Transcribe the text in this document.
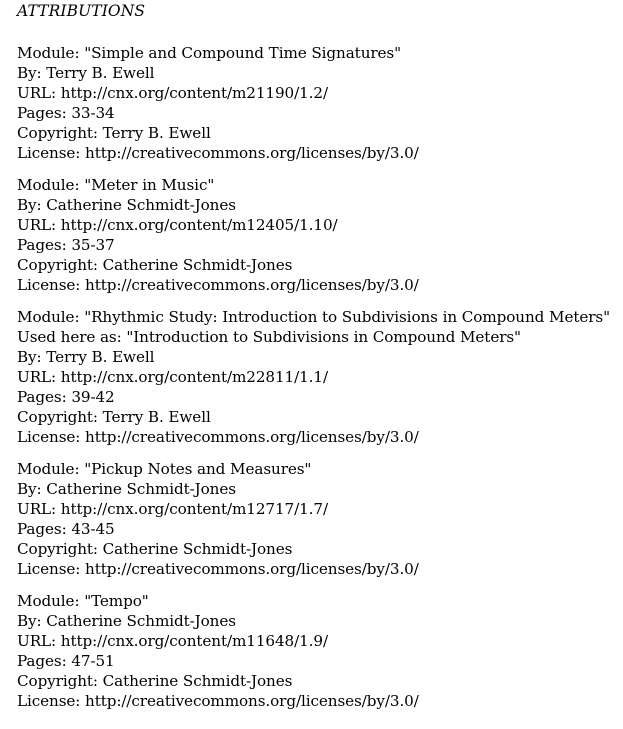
ATTRIBUTIONS
Module: "Simple and Compound Time Signatures"
By: Terry B. Ewell
URL: http://cnx.org/content/m21190/1.2/
Pages: 33-34
Copyright: Terry B. Ewell
License: http://creativecommons.org/licenses/by/3.0/
Module: "Meter in Music"
By: Catherine Schmidt-Jones
URL: http://cnx.org/content/m12405/1.10/
Pages: 35-37
Copyright: Catherine Schmidt-Jones
License: http://creativecommons.org/licenses/by/3.0/
Module: "Rhythmic Study: Introduction to Subdivisions in Compound Meters"
Used here as: "Introduction to Subdivisions in Compound Meters"
By: Terry B. Ewell
URL: http://cnx.org/content/m22811/1.1/
Pages: 39-42
Copyright: Terry B. Ewell
License: http://creativecommons.org/licenses/by/3.0/
Module: "Pickup Notes and Measures"
By: Catherine Schmidt-Jones
URL: http://cnx.org/content/m12717/1.7/
Pages: 43-45
Copyright: Catherine Schmidt-Jones
License: http://creativecommons.org/licenses/by/3.0/
Module: "Tempo"
By: Catherine Schmidt-Jones
URL: http://cnx.org/content/m11648/1.9/
Pages: 47-51
Copyright: Catherine Schmidt-Jones
License: http://creativecommons.org/licenses/by/3.0/
